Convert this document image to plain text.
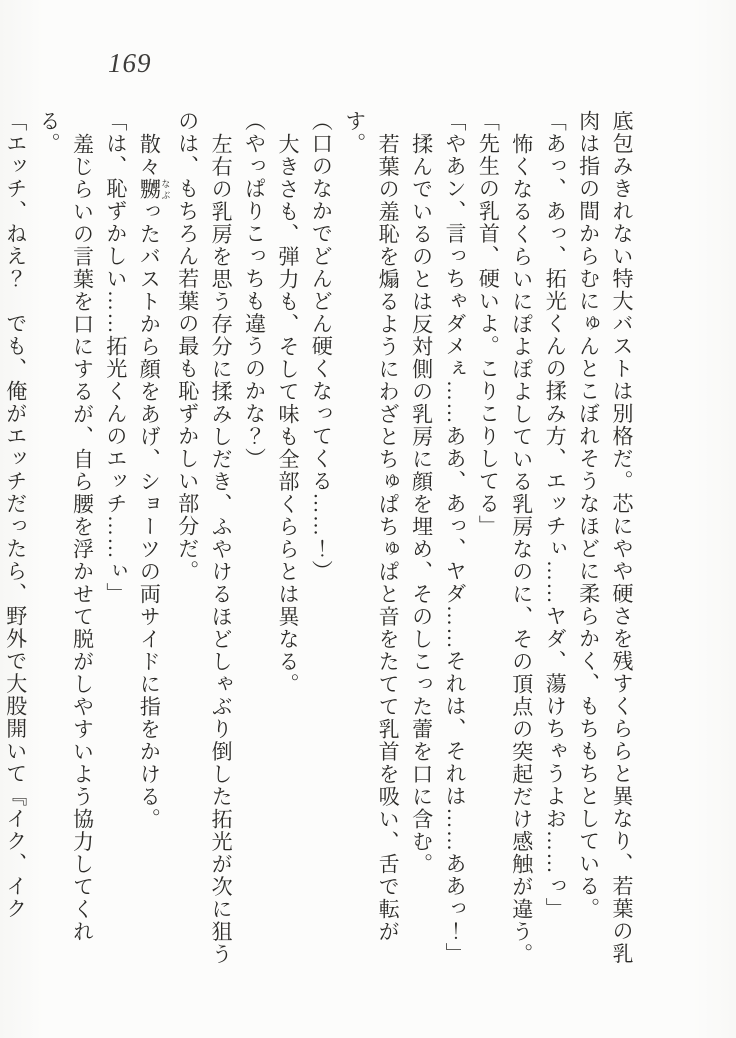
169

底包みきれない特大バストは別格だ。芯にやや硬さを残すくららと異なり、若葉の乳肉は指の間からむにゅんとこぼれそうなほどに柔らかく、もちもちとしている。

「あっ、あっ、拓光くんの揉み方、エッチぃ……ヤダ、蕩けちゃうよお……っ」

怖くなるくらいにぽよぽよしている乳房なのに、その頂点の突起だけ感触が違う。

「先生の乳首、硬いよ。こりこりしてる」

「やあン、言っちゃダメぇ……ああ、あっ、ヤダ……それは、それは……ああっ！」

揉んでいるのとは反対側の乳房に顔を埋め、そのしこった蕾を口に含む。

若葉の羞恥を煽るようにわざとちゅぱちゅぱと音をたてて乳首を吸い、舌で転がす。

（口のなかでどんどん硬くなってくる……！）

大きさも、弾力も、そして味も全部くららとは異なる。

（やっぱりこっちも違うのかな？）

左右の乳房を思う存分に揉みしだき、ふやけるほどしゃぶり倒した拓光が次に狙うのは、もちろん若葉の最も恥ずかしい部分だ。

散々嬲 なぶったバストから顔をあげ、ショーツの両サイドに指をかける。

「は、恥ずかしい……拓光くんのエッチ……ぃ」

羞じらいの言葉を口にするが、自ら腰を浮かせて脱がしやすいよう協力してくれる。

「エッチ、ねえ？　でも、俺がエッチだったら、野外で大股開いて『イク、イク
